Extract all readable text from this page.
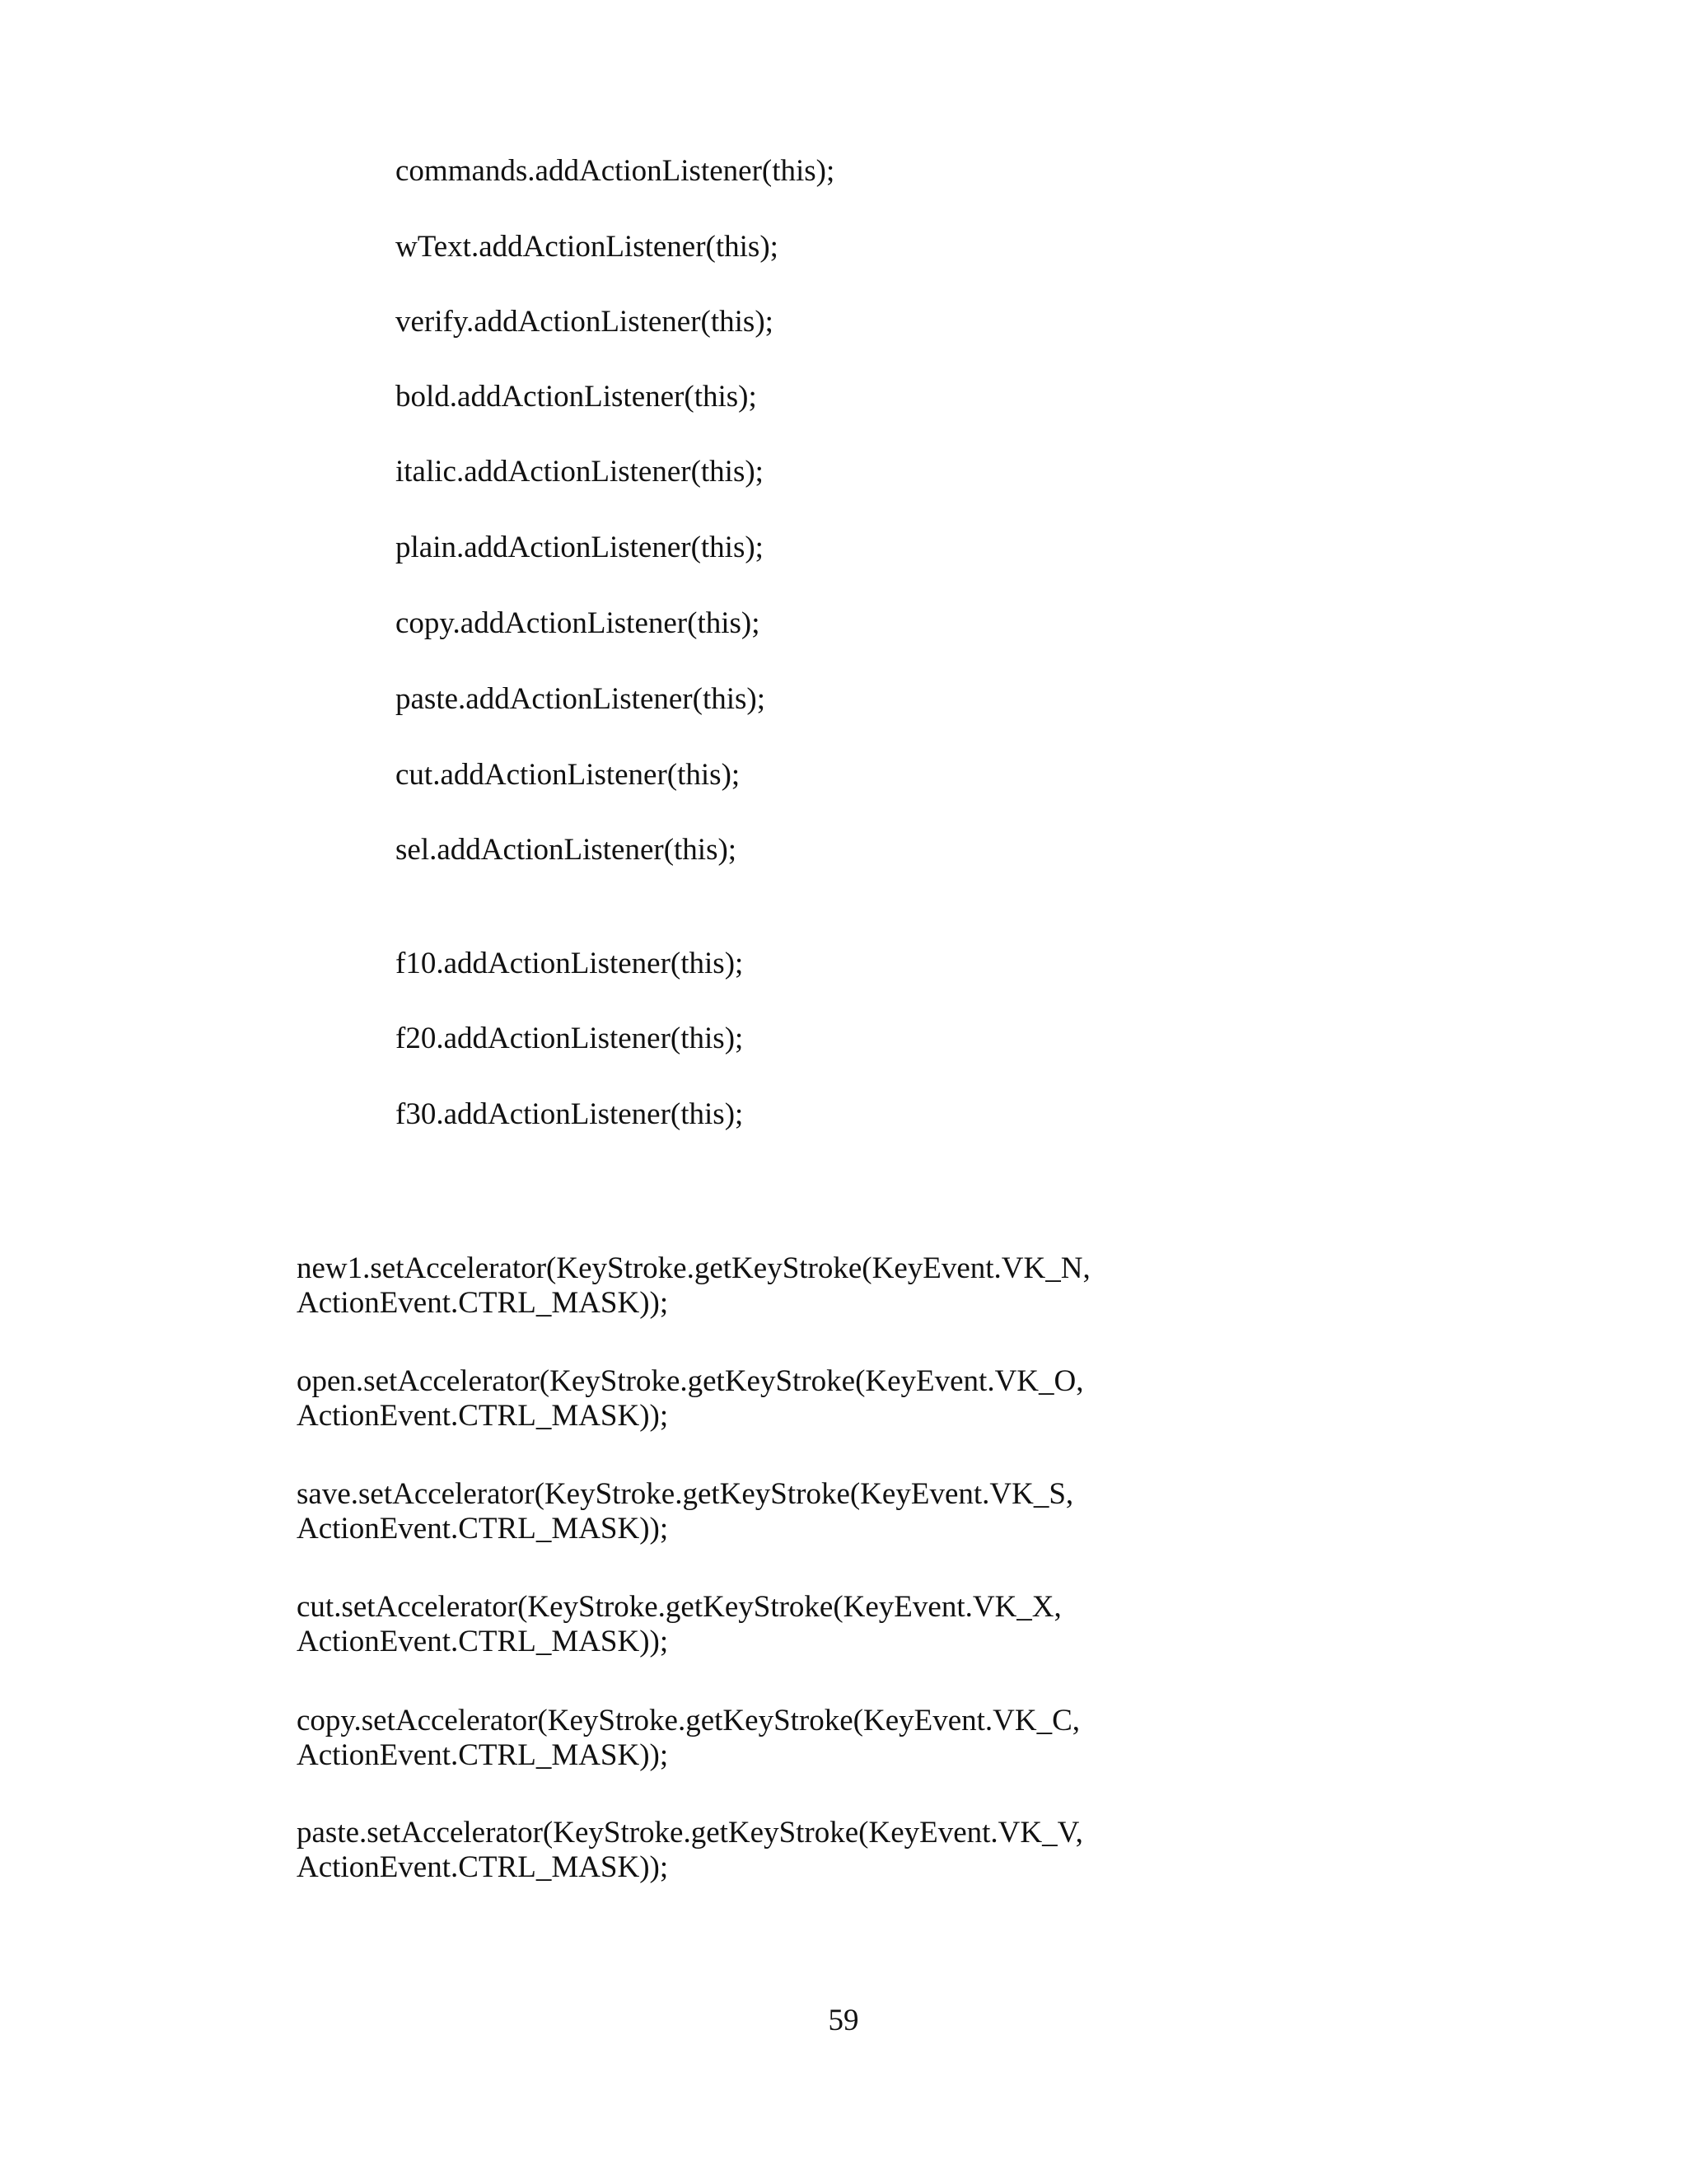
commands.addActionListener(this);
wText.addActionListener(this);
verify.addActionListener(this);
bold.addActionListener(this);
italic.addActionListener(this);
plain.addActionListener(this);
copy.addActionListener(this);
paste.addActionListener(this);
cut.addActionListener(this);
sel.addActionListener(this);
f10.addActionListener(this);
f20.addActionListener(this);
f30.addActionListener(this);
new1.setAccelerator(KeyStroke.getKeyStroke(KeyEvent.VK_N,
ActionEvent.CTRL_MASK));
open.setAccelerator(KeyStroke.getKeyStroke(KeyEvent.VK_O,
ActionEvent.CTRL_MASK));
save.setAccelerator(KeyStroke.getKeyStroke(KeyEvent.VK_S,
ActionEvent.CTRL_MASK));
cut.setAccelerator(KeyStroke.getKeyStroke(KeyEvent.VK_X,
ActionEvent.CTRL_MASK));
copy.setAccelerator(KeyStroke.getKeyStroke(KeyEvent.VK_C,
ActionEvent.CTRL_MASK));
paste.setAccelerator(KeyStroke.getKeyStroke(KeyEvent.VK_V,
ActionEvent.CTRL_MASK));
59
